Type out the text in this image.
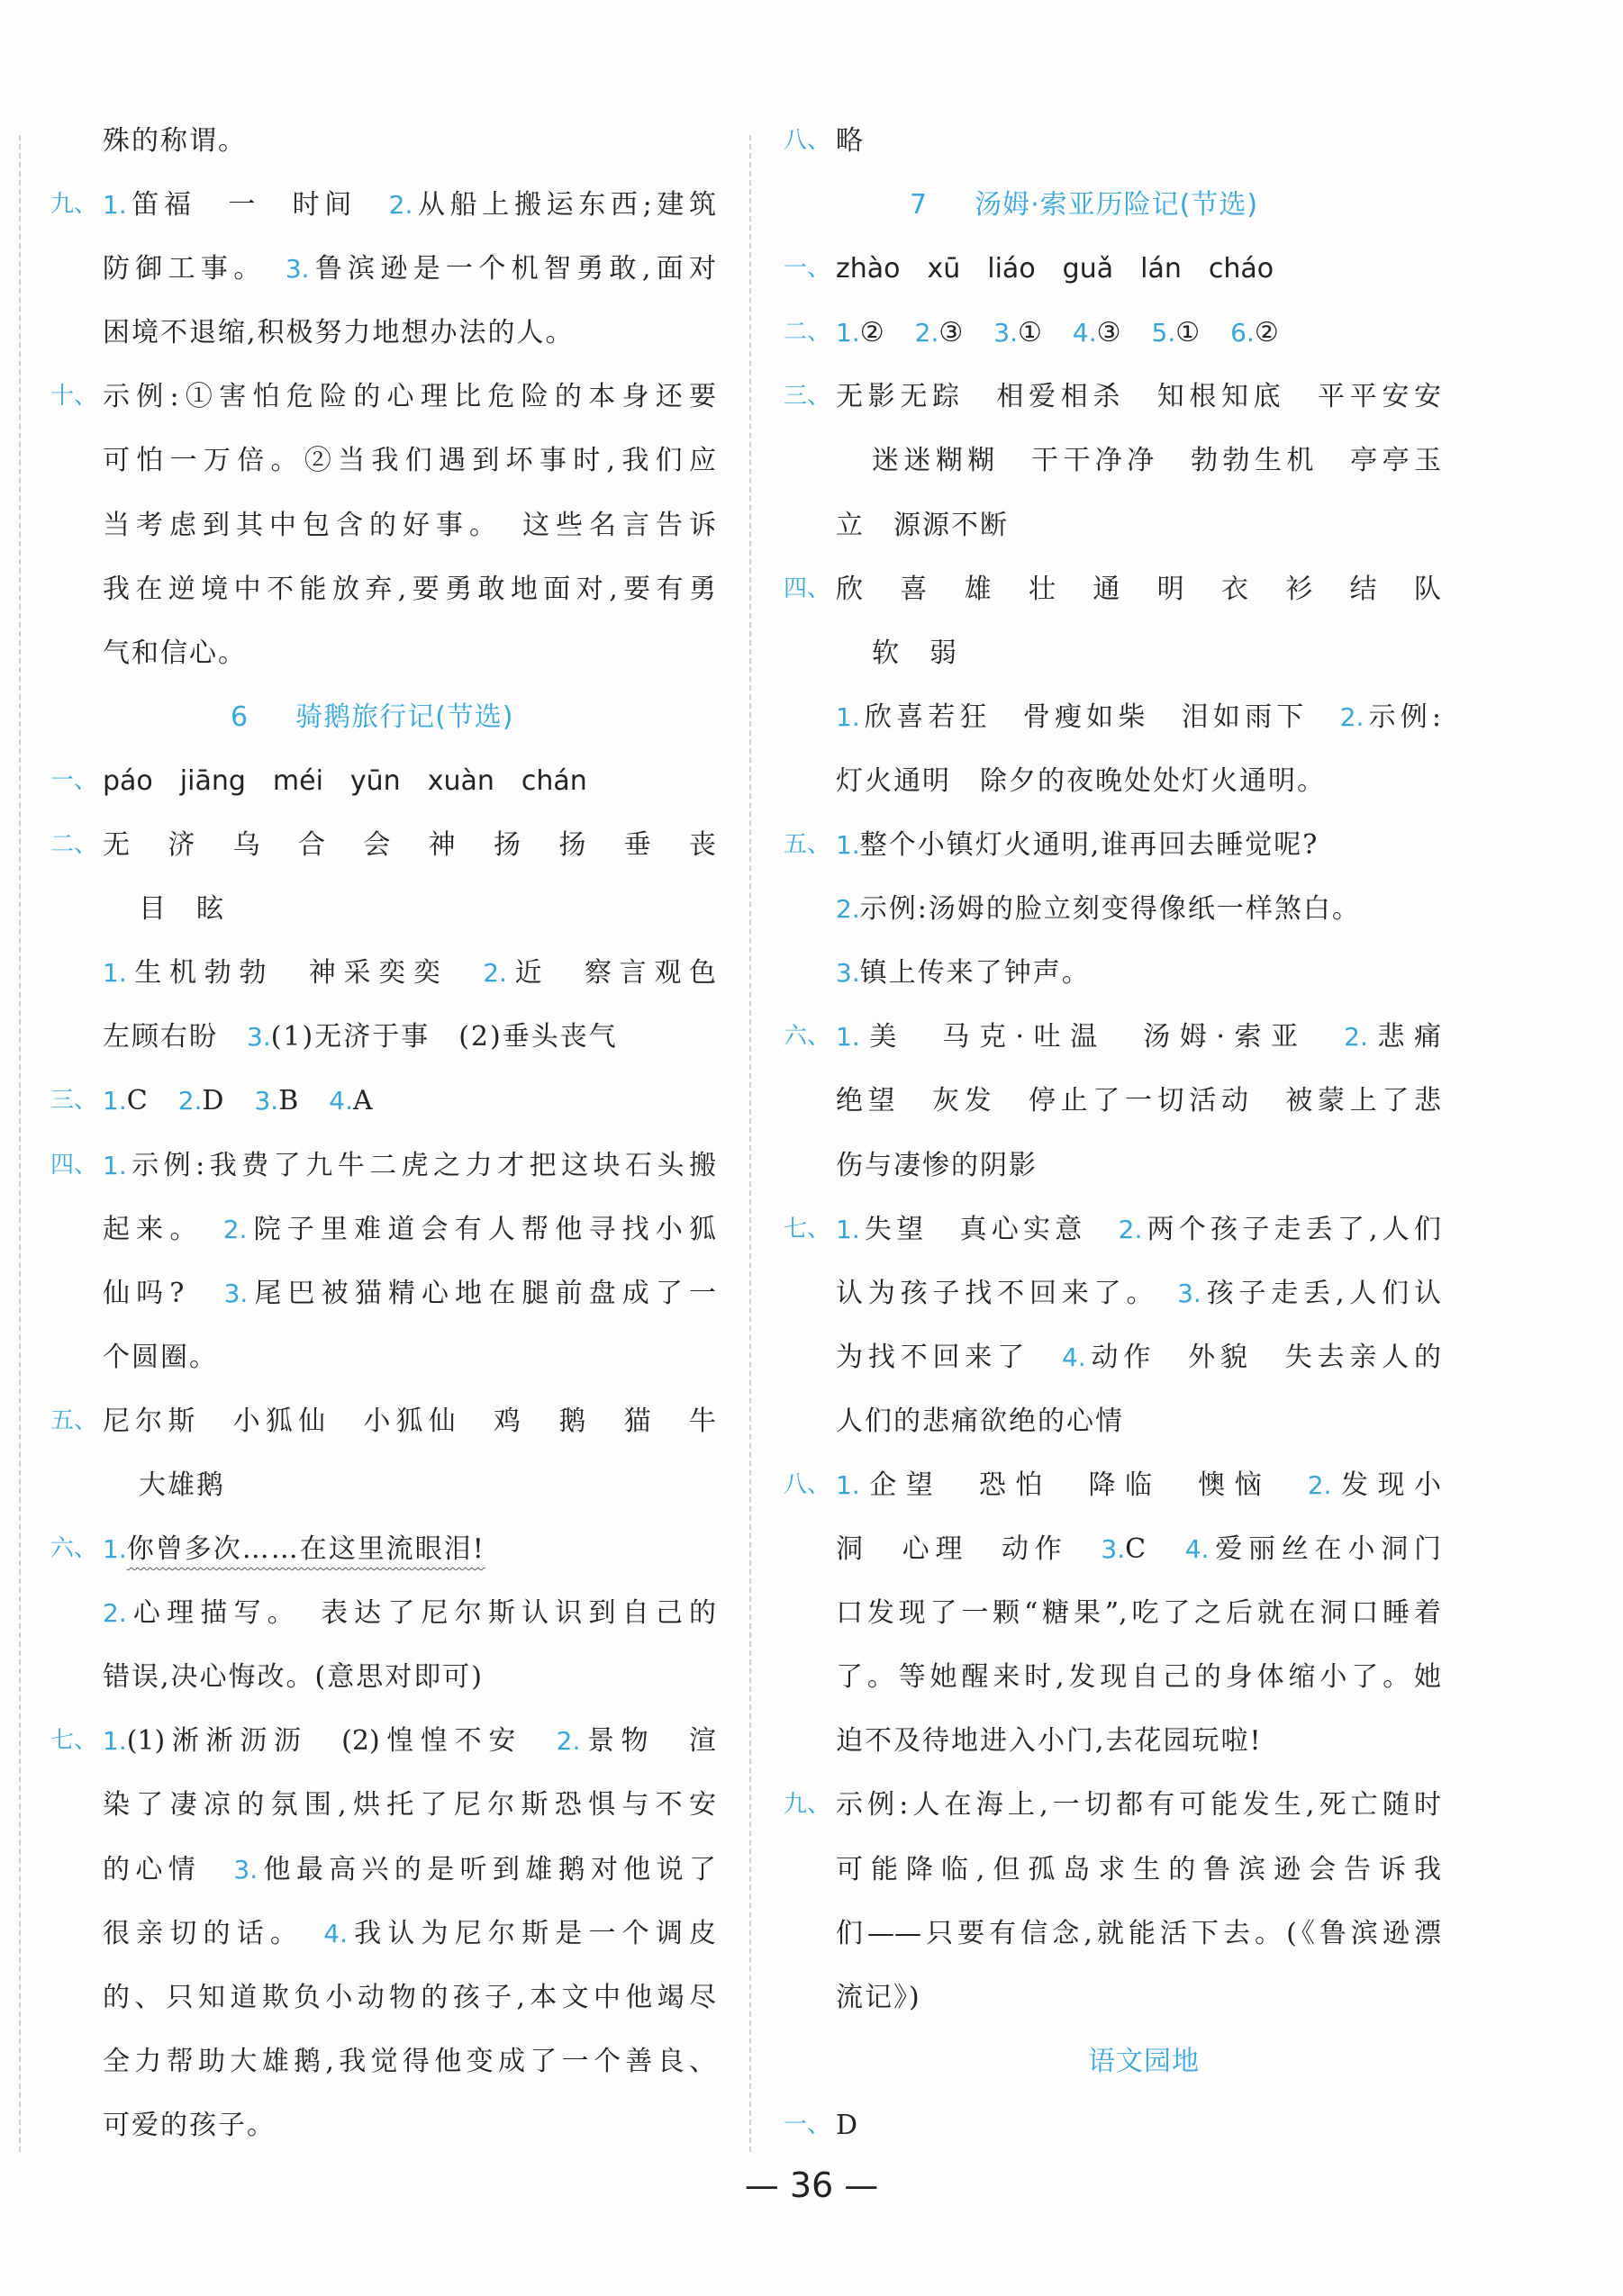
殊的称谓。
九、 1.笛福　一　时间　2.从船上搬运东西;建筑
防御工事。　3.鲁滨逊是一个机智勇敢,面对
困境不退缩,积极努力地想办法的人。
十、 示例:①害怕危险的心理比危险的本身还要
可怕一万倍。②当我们遇到坏事时,我们应
当考虑到其中包含的好事。　这些名言告诉
我在逆境中不能放弃,要勇敢地面对,要有勇
气和信心。
6 骑鹅旅行记(节选)
一、 páo　jiāng　méi　yūn　xuàn　chán
二、 无　济　乌　合　会　神　扬　扬　垂　丧
目　眩
1.生机勃勃　神采奕奕　2.近　察言观色
左顾右盼　3.(1)无济于事　(2)垂头丧气
三、 1.C　2.D　3.B　4.A
四、 1.示例:我费了九牛二虎之力才把这块石头搬
起来。　2.院子里难道会有人帮他寻找小狐
仙吗?　3.尾巴被猫精心地在腿前盘成了一
个圆圈。
五、 尼尔斯　小狐仙　小狐仙　鸡　鹅　猫　牛
大雄鹅
六、 1.你曾多次……在这里流眼泪!
2.心理描写。　表达了尼尔斯认识到自己的
错误,决心悔改。(意思对即可)
七、 1.(1)淅淅沥沥　(2)惶惶不安　2.景物　渲
染了凄凉的氛围,烘托了尼尔斯恐惧与不安
的心情　3.他最高兴的是听到雄鹅对他说了
很亲切的话。　4.我认为尼尔斯是一个调皮
的、只知道欺负小动物的孩子,本文中他竭尽
全力帮助大雄鹅,我觉得他变成了一个善良、
可爱的孩子。
八、 略
7 汤姆·索亚历险记(节选)
一、 zhào　xū　liáo　guǎ　lán　cháo
二、 1.②　2.③　3.①　4.③　5.①　6.②
三、 无影无踪　相爱相杀　知根知底　平平安安
迷迷糊糊　干干净净　勃勃生机　亭亭玉
立　源源不断
四、 欣　喜　雄　壮　通　明　衣　衫　结　队
软　弱
1.欣喜若狂　骨瘦如柴　泪如雨下　2.示例:
灯火通明　除夕的夜晚处处灯火通明。
五、 1.整个小镇灯火通明,谁再回去睡觉呢?
2.示例:汤姆的脸立刻变得像纸一样煞白。
3.镇上传来了钟声。
六、 1.美　马克·吐温　汤姆·索亚　2.悲痛
绝望　灰发　停止了一切活动　被蒙上了悲
伤与凄惨的阴影
七、 1.失望　真心实意　2.两个孩子走丢了,人们
认为孩子找不回来了。　3.孩子走丢,人们认
为找不回来了　4.动作　外貌　失去亲人的
人们的悲痛欲绝的心情
八、 1.企望　恐怕　降临　懊恼　2.发现小
洞　心理　动作　3.C　4.爱丽丝在小洞门
口发现了一颗“糖果”,吃了之后就在洞口睡着
了。等她醒来时,发现自己的身体缩小了。她
迫不及待地进入小门,去花园玩啦!
九、 示例:人在海上,一切都有可能发生,死亡随时
可能降临,但孤岛求生的鲁滨逊会告诉我
们——只要有信念,就能活下去。(《鲁滨逊漂
流记》)
语文园地
一、 D
— 36 —
